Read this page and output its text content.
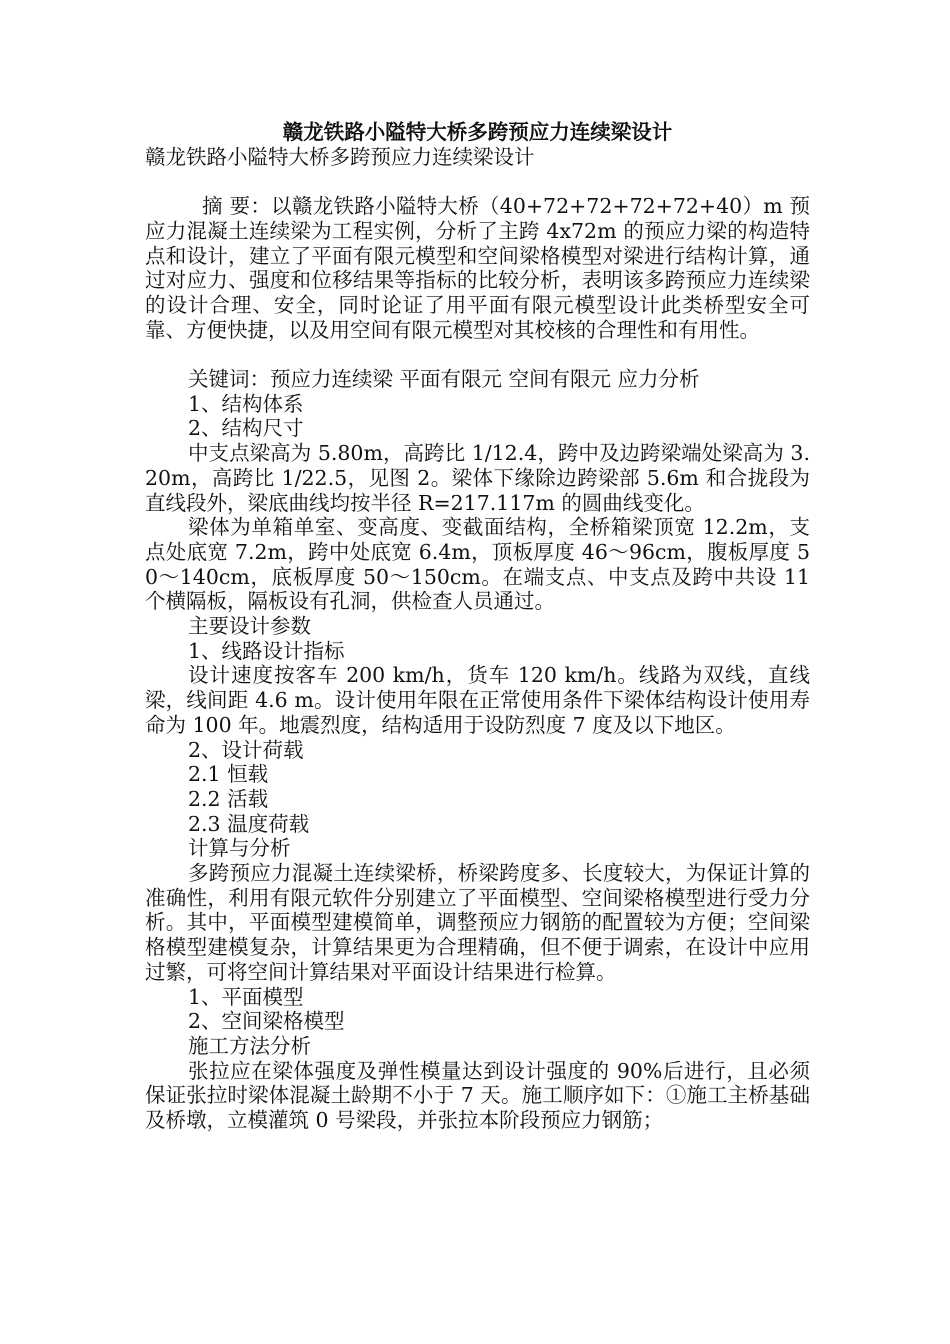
赣龙铁路小隘特大桥多跨预应力连续梁设计

赣龙铁路小隘特大桥多跨预应力连续梁设计

摘 要：以赣龙铁路小隘特大桥（40+72+72+72+72+40）m 预应力混凝土连续梁为工程实例，分析了主跨 4x72m 的预应力梁的构造特点和设计，建立了平面有限元模型和空间梁格模型对梁进行结构计算，通过对应力、强度和位移结果等指标的比较分析，表明该多跨预应力连续梁的设计合理、安全，同时论证了用平面有限元模型设计此类桥型安全可靠、方便快捷，以及用空间有限元模型对其校核的合理性和有用性。

关键词：预应力连续梁 平面有限元 空间有限元 应力分析

1、结构体系

2、结构尺寸

中支点梁高为 5.80m，高跨比 1/12.4，跨中及边跨梁端处梁高为 3.20m，高跨比 1/22.5，见图 2。梁体下缘除边跨梁部 5.6m 和合拢段为直线段外，梁底曲线均按半径 R=217.117m 的圆曲线变化。

梁体为单箱单室、变高度、变截面结构，全桥箱梁顶宽 12.2m，支点处底宽 7.2m，跨中处底宽 6.4m，顶板厚度 46～96cm，腹板厚度 50～140cm，底板厚度 50～150cm。在端支点、中支点及跨中共设 11 个横隔板，隔板设有孔洞，供检查人员通过。

主要设计参数

1、线路设计指标

设计速度按客车 200 km/h，货车 120 km/h。线路为双线，直线梁，线间距 4.6 m。设计使用年限在正常使用条件下梁体结构设计使用寿命为 100 年。地震烈度，结构适用于设防烈度 7 度及以下地区。

2、设计荷载

2.1 恒载

2.2 活载

2.3 温度荷载

计算与分析

多跨预应力混凝土连续梁桥，桥梁跨度多、长度较大，为保证计算的准确性，利用有限元软件分别建立了平面模型、空间梁格模型进行受力分析。其中，平面模型建模简单，调整预应力钢筋的配置较为方便；空间梁格模型建模复杂，计算结果更为合理精确，但不便于调索，在设计中应用过繁，可将空间计算结果对平面设计结果进行检算。

1、平面模型

2、空间梁格模型

施工方法分析

张拉应在梁体强度及弹性模量达到设计强度的 90%后进行，且必须保证张拉时梁体混凝土龄期不小于 7 天。施工顺序如下：①施工主桥基础及桥墩，立模灌筑 0 号梁段，并张拉本阶段预应力钢筋；
